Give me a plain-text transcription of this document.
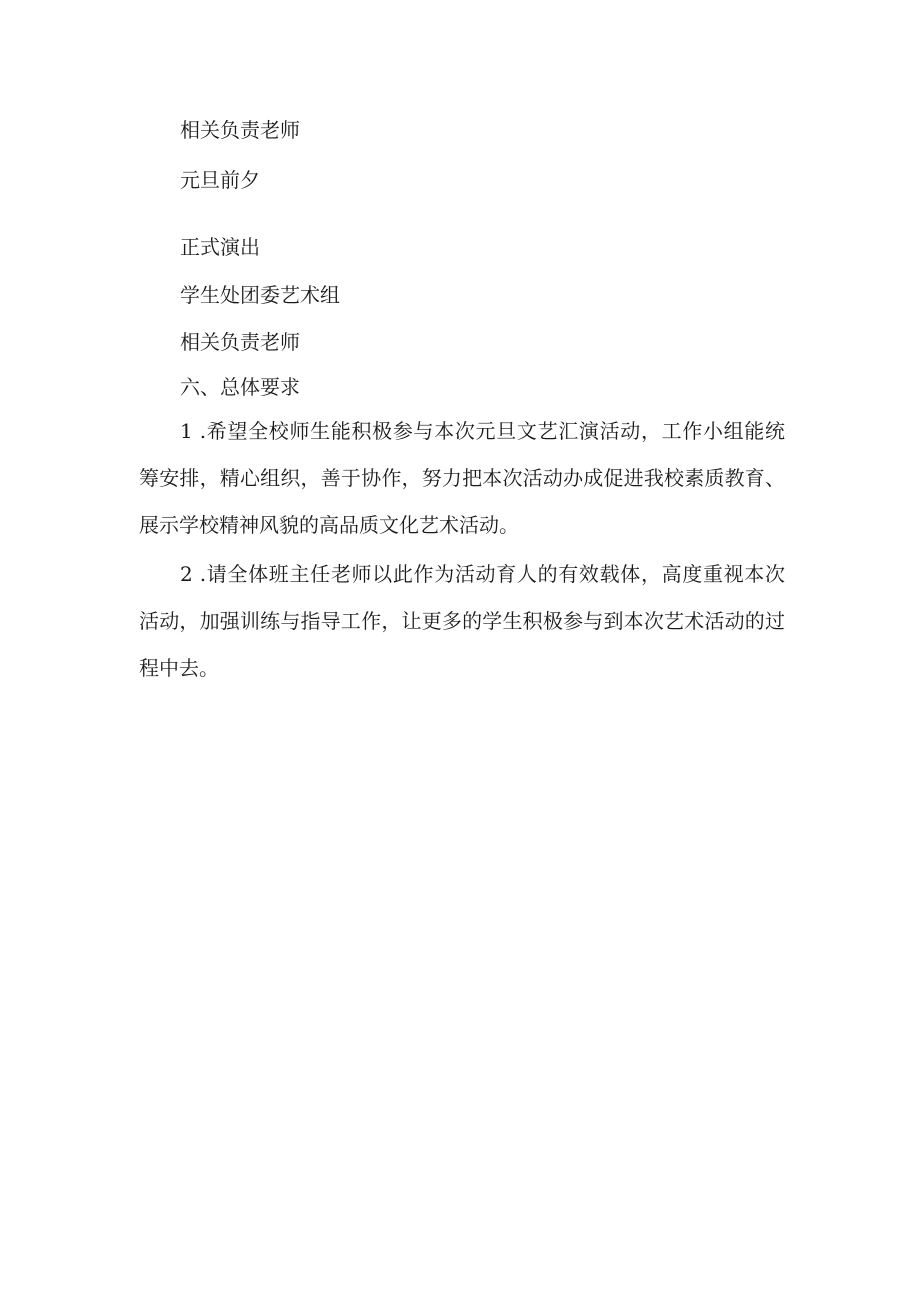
相关负责老师
元旦前夕
正式演出
学生处团委艺术组
相关负责老师
六、总体要求

1 .希望全校师生能积极参与本次元旦文艺汇演活动，工作小组能统筹安排，精心组织，善于协作，努力把本次活动办成促进我校素质教育、展示学校精神风貌的高品质文化艺术活动。

2 .请全体班主任老师以此作为活动育人的有效载体，高度重视本次活动，加强训练与指导工作，让更多的学生积极参与到本次艺术活动的过程中去。
